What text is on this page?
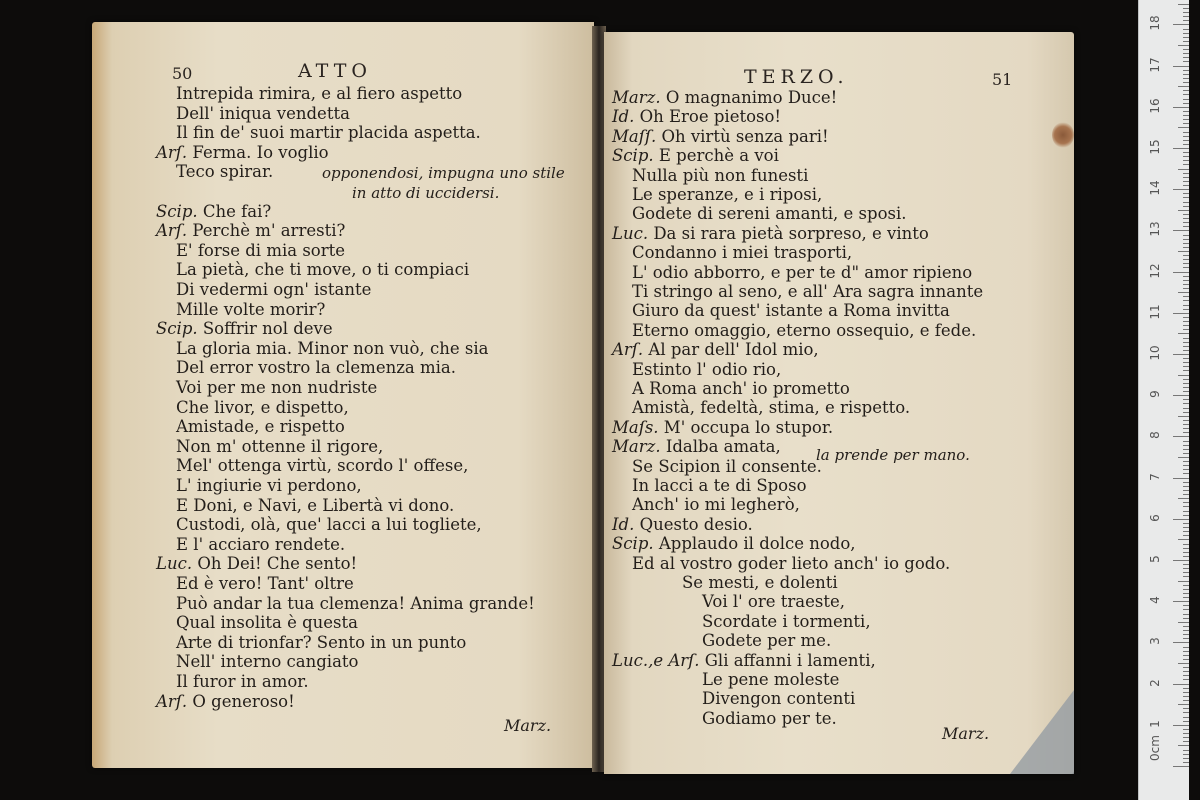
50	ATTO	TERZO.	51
Intrepida rimira, e al fiero aspetto
Dell' iniqua vendetta
Il fin de' suoi martir placida aspetta.
Arſ. Ferma. Io voglio
Teco spirar.
Scip. Che fai?
Arſ. Perchè m' arresti?
E' forse di mia sorte
La pietà, che ti move, o ti compiaci
Di vedermi ogn' istante
Mille volte morir?
Scip. Soffrir nol deve
La gloria mia. Minor non vuò, che sia
Del error vostro la clemenza mia.
Voi per me non nudriste
Che livor, e dispetto,
Amistade, e rispetto
Non m' ottenne il rigore,
Mel' ottenga virtù, scordo l' offese,
L' ingiurie vi perdono,
E Doni, e Navi, e Libertà vi dono.
Custodi, olà, que' lacci a lui togliete,
E l' acciaro rendete.
Luc. Oh Dei! Che sento!
Ed è vero! Tant' oltre
Può andar la tua clemenza! Anima grande!
Qual insolita è questa
Arte di trionfar? Sento in un punto
Nell' interno cangiato
Il furor in amor.
Arſ. O generoso!
Marz. O magnanimo Duce!
Id. Oh Eroe pietoso!
Maſſ. Oh virtù senza pari!
Scip. E perchè a voi
Nulla più non funesti
Le speranze, e i riposi,
Godete di sereni amanti, e sposi.
Luc. Da si rara pietà sorpreso, e vinto
Condanno i miei trasporti,
L' odio abborro, e per te d" amor ripieno
Ti stringo al seno, e all' Ara sagra innante
Giuro da quest' istante a Roma invitta
Eterno omaggio, eterno ossequio, e fede.
Arſ. Al par dell' Idol mio,
Estinto l' odio rio,
A Roma anch' io prometto
Amistà, fedeltà, stima, e rispetto.
Maſs. M' occupa lo stupor.
Marz. Idalba amata,
Se Scipion il consente.
In lacci a te di Sposo
Anch' io mi legherò,
Id. Questo desio.
Scip. Applaudo il dolce nodo,
Ed al vostro goder lieto anch' io godo.
Se mesti, e dolenti
Voi l' ore traeste,
Scordate i tormenti,
Godete per me.
Luc.,e Arſ. Gli affanni i lamenti,
Le pene moleste
Divengon contenti
Godiamo per te.
opponendosi, impugna uno stile
in atto di uccidersi.
la prende per mano.
Marz.	Marz.
0cm
1
2
3
4
5
6
7
8
9
10
11
12
13
14
15
16
17
18
